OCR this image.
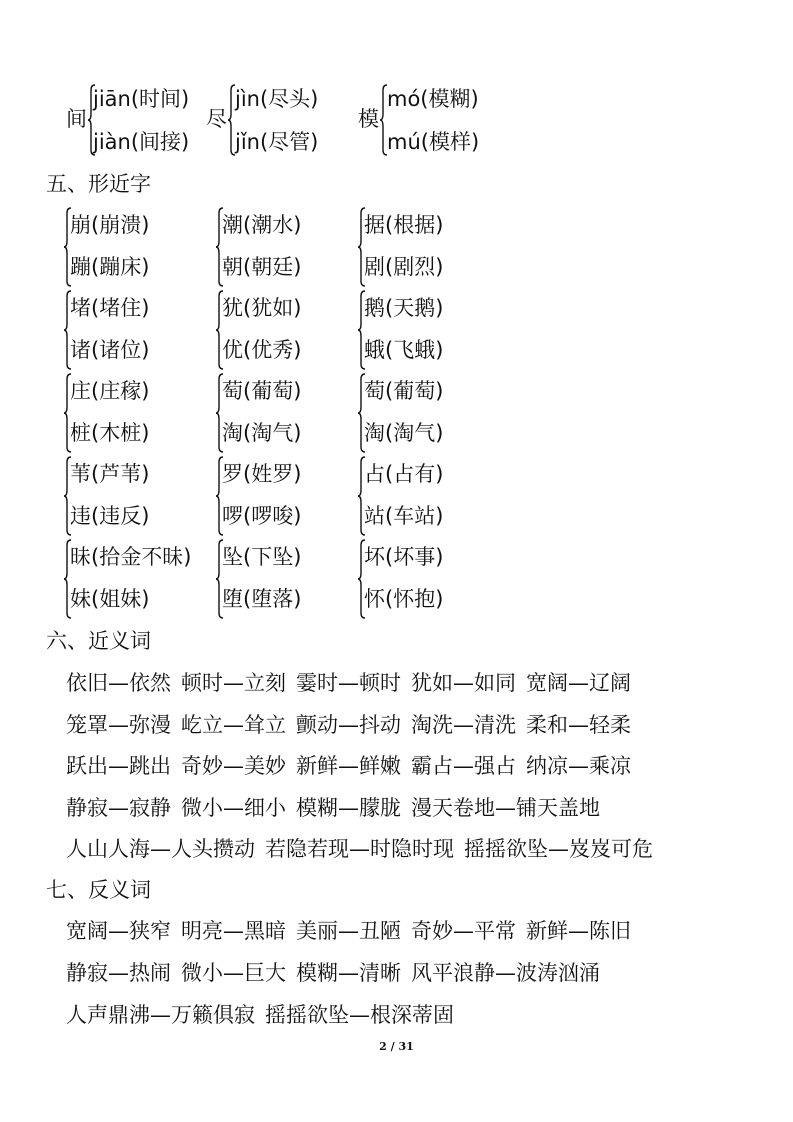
间
jiān(时间)
jiàn(间接)
尽
jìn(尽头)
jǐn(尽管)
模
mó(模糊)
mú(模样)
五、形近字
崩(崩溃)
蹦(蹦床)
潮(潮水)
朝(朝廷)
据(根据)
剧(剧烈)
堵(堵住)
诸(诸位)
犹(犹如)
优(优秀)
鹅(天鹅)
蛾(飞蛾)
庄(庄稼)
桩(木桩)
萄(葡萄)
淘(淘气)
萄(葡萄)
淘(淘气)
苇(芦苇)
违(违反)
罗(姓罗)
啰(啰唆)
占(占有)
站(车站)
昧(拾金不昧)
妹(姐妹)
坠(下坠)
堕(堕落)
坏(坏事)
怀(怀抱)
六、近义词
依旧—依然 顿时—立刻 霎时—顿时 犹如—如同 宽阔—辽阔
笼罩—弥漫 屹立—耸立 颤动—抖动 淘洗—清洗 柔和—轻柔
跃出—跳出 奇妙—美妙 新鲜—鲜嫩 霸占—强占 纳凉—乘凉
静寂—寂静 微小—细小 模糊—朦胧 漫天卷地—铺天盖地
人山人海—人头攒动 若隐若现—时隐时现 摇摇欲坠—岌岌可危
七、反义词
宽阔—狭窄 明亮—黑暗 美丽—丑陋 奇妙—平常 新鲜—陈旧
静寂—热闹 微小—巨大 模糊—清晰 风平浪静—波涛汹涌
人声鼎沸—万籁俱寂 摇摇欲坠—根深蒂固
2 / 31
